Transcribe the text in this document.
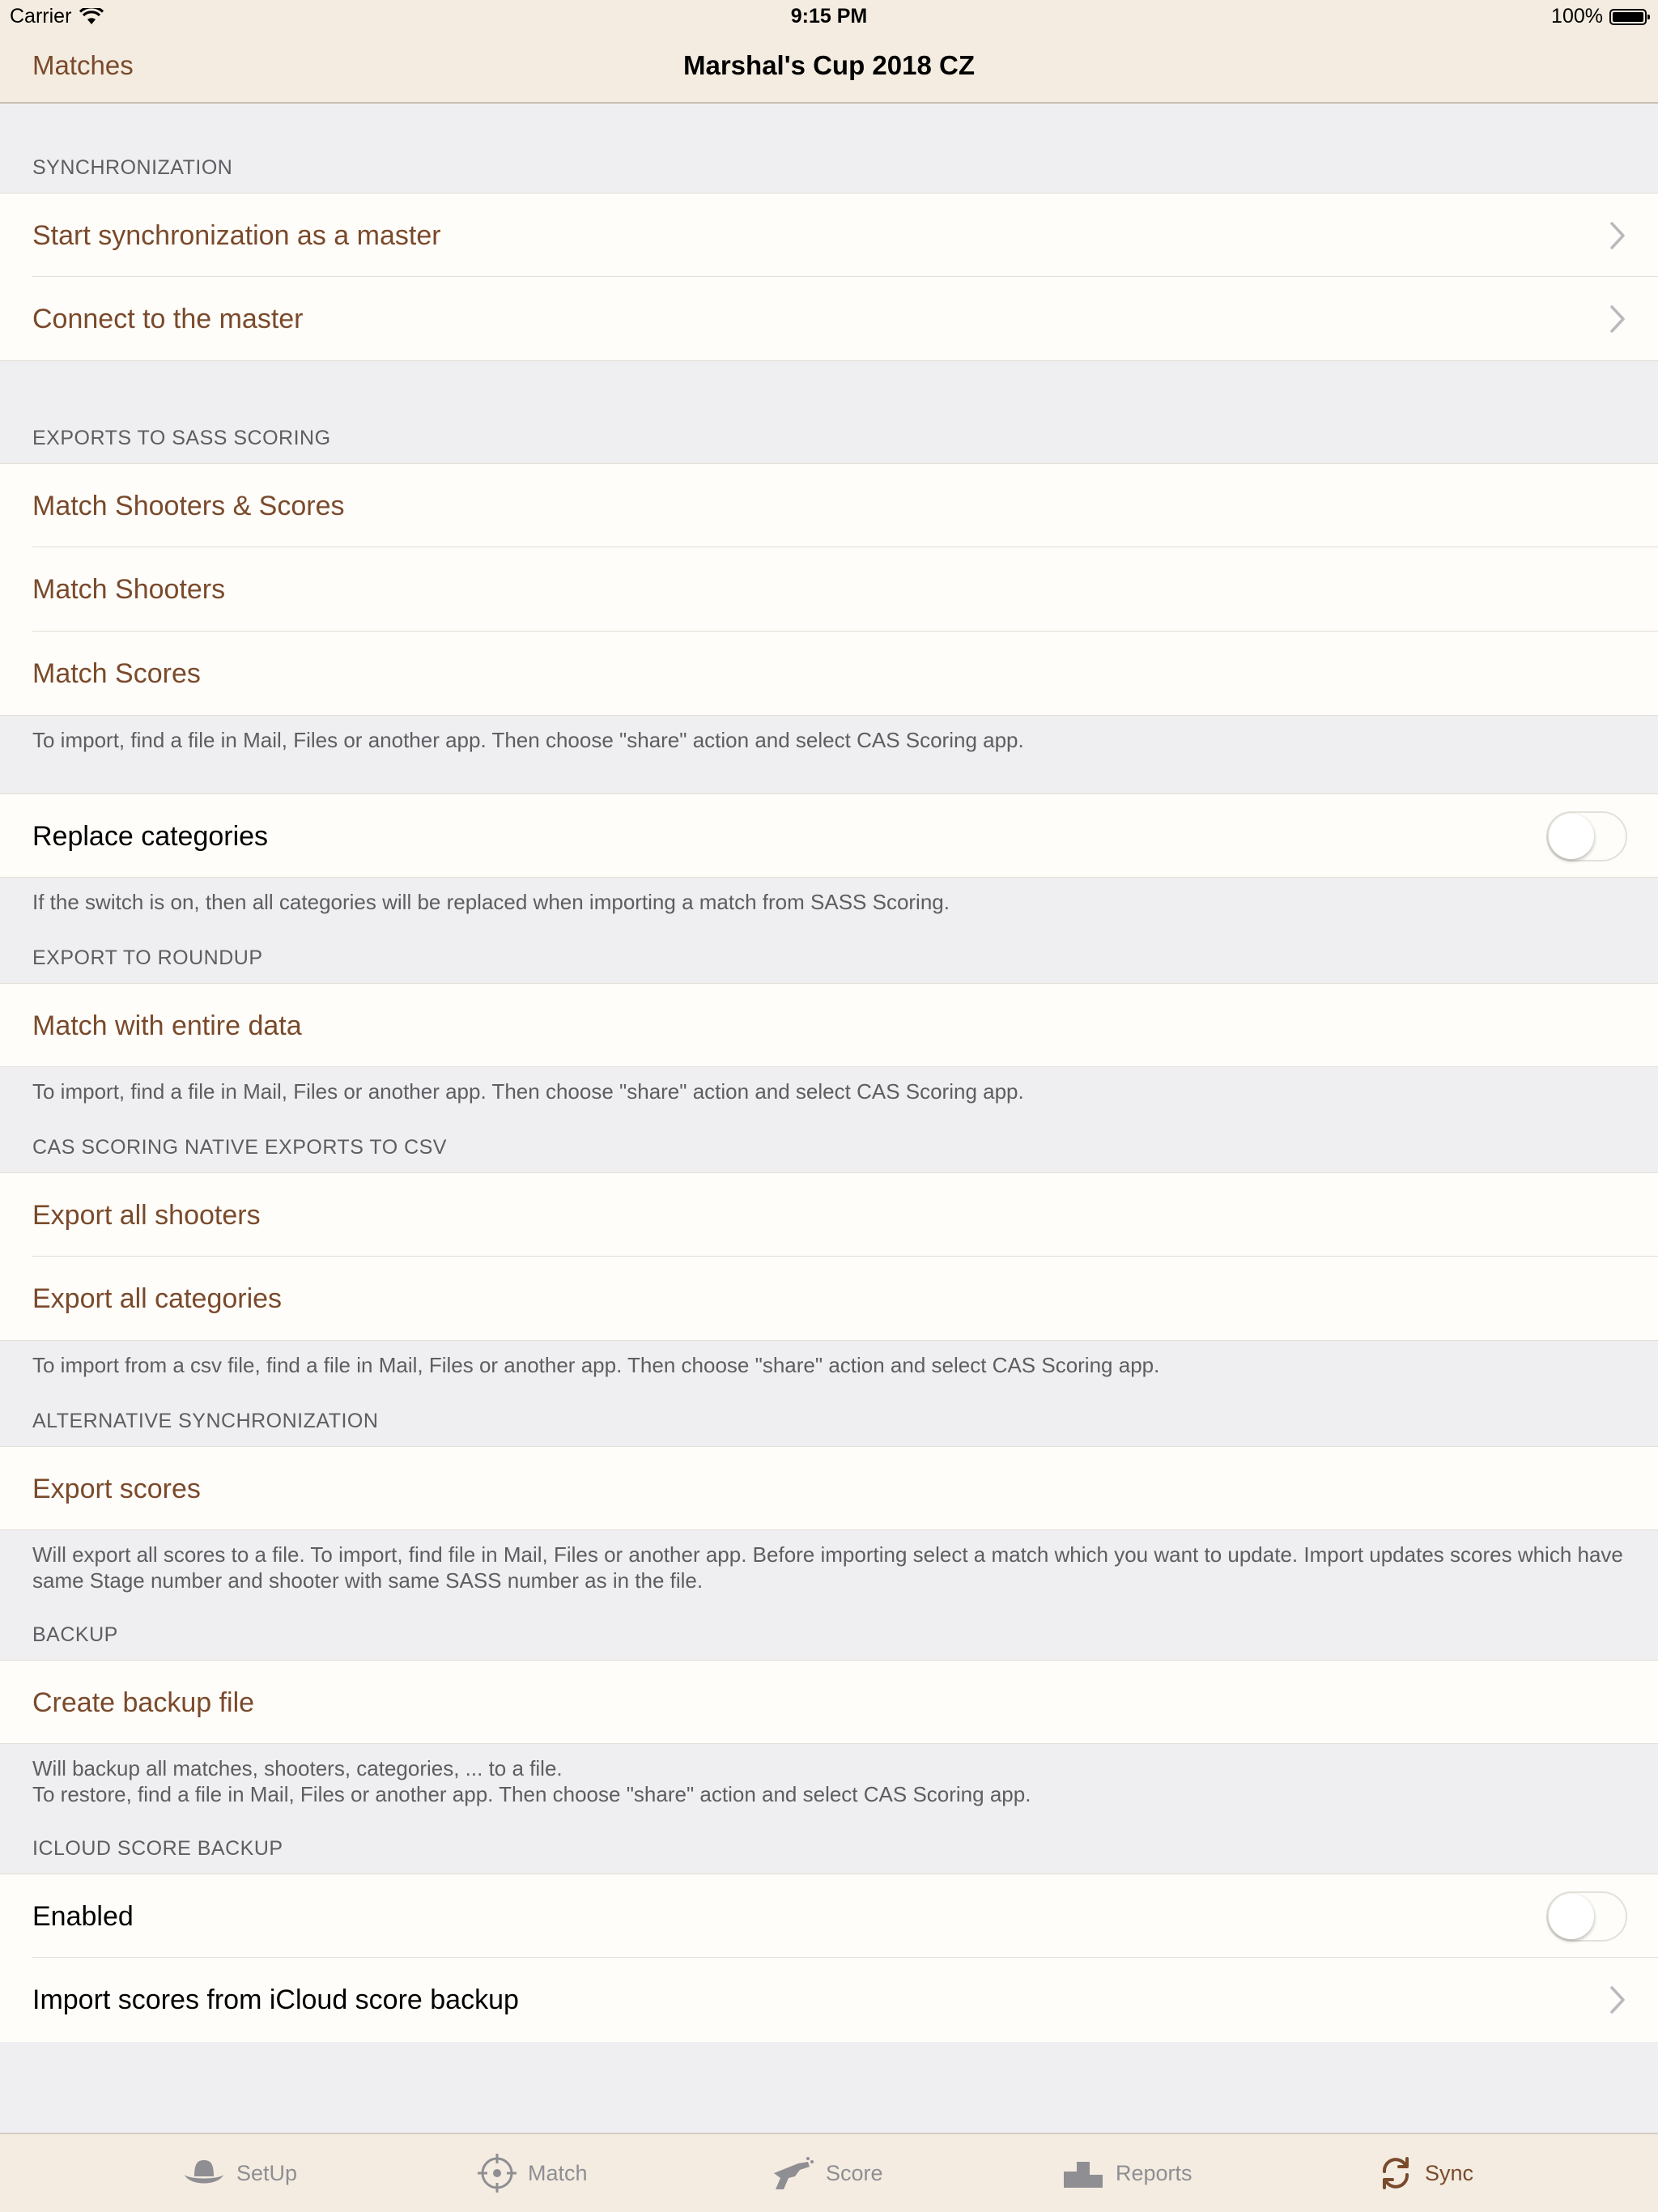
Carrier	9:15 PM	100%
Matches	Marshal's Cup 2018 CZ
SYNCHRONIZATION
Start synchronization as a master
Connect to the master
EXPORTS TO SASS SCORING
Match Shooters & Scores
Match Shooters
Match Scores

To import, find a file in Mail, Files or another app. Then choose "share" action and select CAS Scoring app.

Replace categories

If the switch is on, then all categories will be replaced when importing a match from SASS Scoring.

EXPORT TO ROUNDUP
Match with entire data

To import, find a file in Mail, Files or another app. Then choose "share" action and select CAS Scoring app.

CAS SCORING NATIVE EXPORTS TO CSV
Export all shooters
Export all categories

To import from a csv file, find a file in Mail, Files or another app. Then choose "share" action and select CAS Scoring app.

ALTERNATIVE SYNCHRONIZATION
Export scores

Will export all scores to a file. To import, find file in Mail, Files or another app. Before importing select a match which you want to update. Import updates scores which have same Stage number and shooter with same SASS number as in the file.

BACKUP
Create backup file

Will backup all matches, shooters, categories, ... to a file.

To restore, find a file in Mail, Files or another app. Then choose "share" action and select CAS Scoring app.

ICLOUD SCORE BACKUP
Enabled
Import scores from iCloud score backup
SetUp	Match	Score	Reports	Sync
